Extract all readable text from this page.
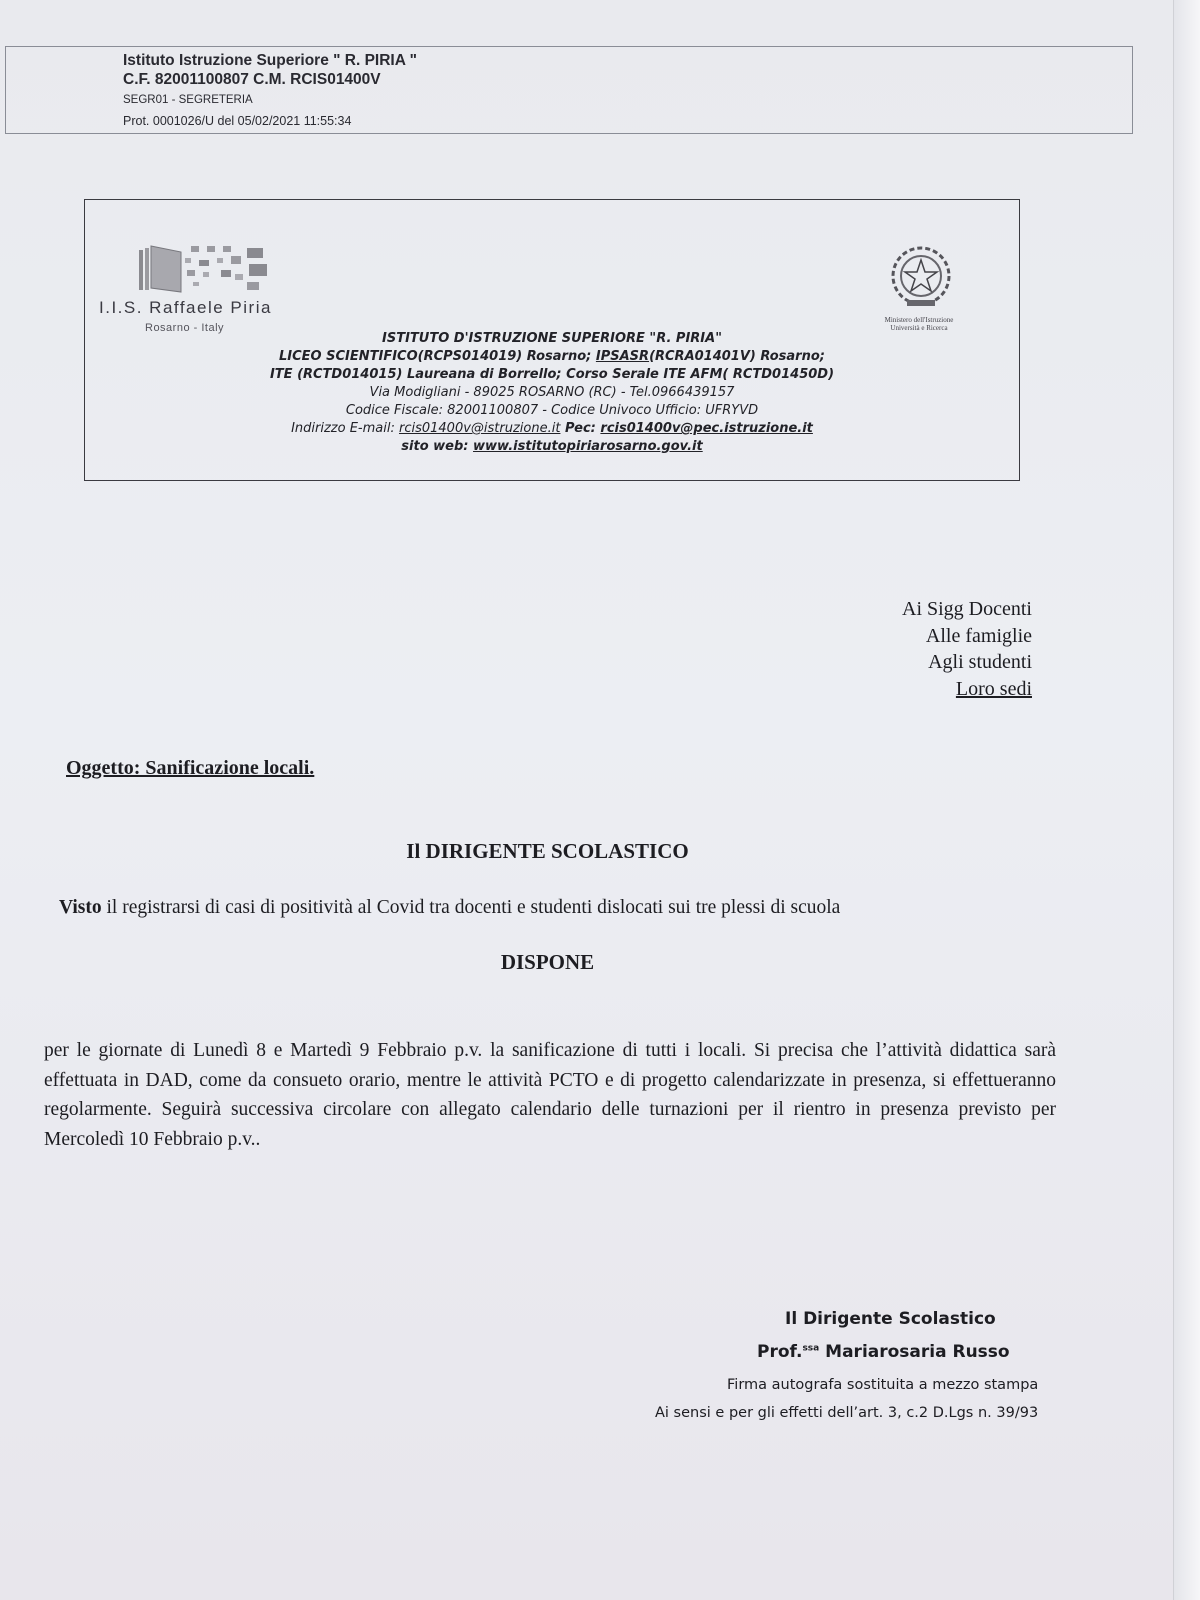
Istituto Istruzione Superiore " R. PIRIA "
C.F. 82001100807 C.M. RCIS01400V
SEGR01 - SEGRETERIA
Prot. 0001026/U del 05/02/2021 11:55:34
I.I.S. Raffaele Piria
Rosarno - Italy
Ministero dell'Istruzione
Università e Ricerca
ISTITUTO D'ISTRUZIONE SUPERIORE "R. PIRIA"
LICEO SCIENTIFICO(RCPS014019) Rosarno; IPSASR(RCRA01401V) Rosarno;
ITE (RCTD014015) Laureana di Borrello; Corso Serale ITE AFM( RCTD01450D)
Via Modigliani - 89025 ROSARNO (RC) - Tel.0966439157
Codice Fiscale: 82001100807 - Codice Univoco Ufficio: UFRYVD
Indirizzo E-mail: rcis01400v@istruzione.it Pec: rcis01400v@pec.istruzione.it
sito web: www.istitutopiriarosarno.gov.it
Ai Sigg Docenti
Alle famiglie
Agli studenti
Loro sedi
Oggetto: Sanificazione locali.
Il DIRIGENTE SCOLASTICO
Visto il registrarsi di casi di positività al Covid tra docenti e studenti dislocati sui tre plessi di scuola
DISPONE
per le giornate di Lunedì 8 e Martedì 9 Febbraio p.v. la sanificazione di tutti i locali. Si precisa che l’attività didattica sarà effettuata in DAD, come da consueto orario, mentre le attività PCTO e di progetto calendarizzate in presenza, si effettueranno regolarmente. Seguirà successiva circolare con allegato calendario delle turnazioni per il rientro in presenza previsto per Mercoledì 10 Febbraio p.v..
Il Dirigente Scolastico
Prof.$^{ssa}$ Mariarosaria Russo
Firma autografa sostituita a mezzo stampa
Ai sensi e per gli effetti dell’art. 3, c.2 D.Lgs n. 39/93
